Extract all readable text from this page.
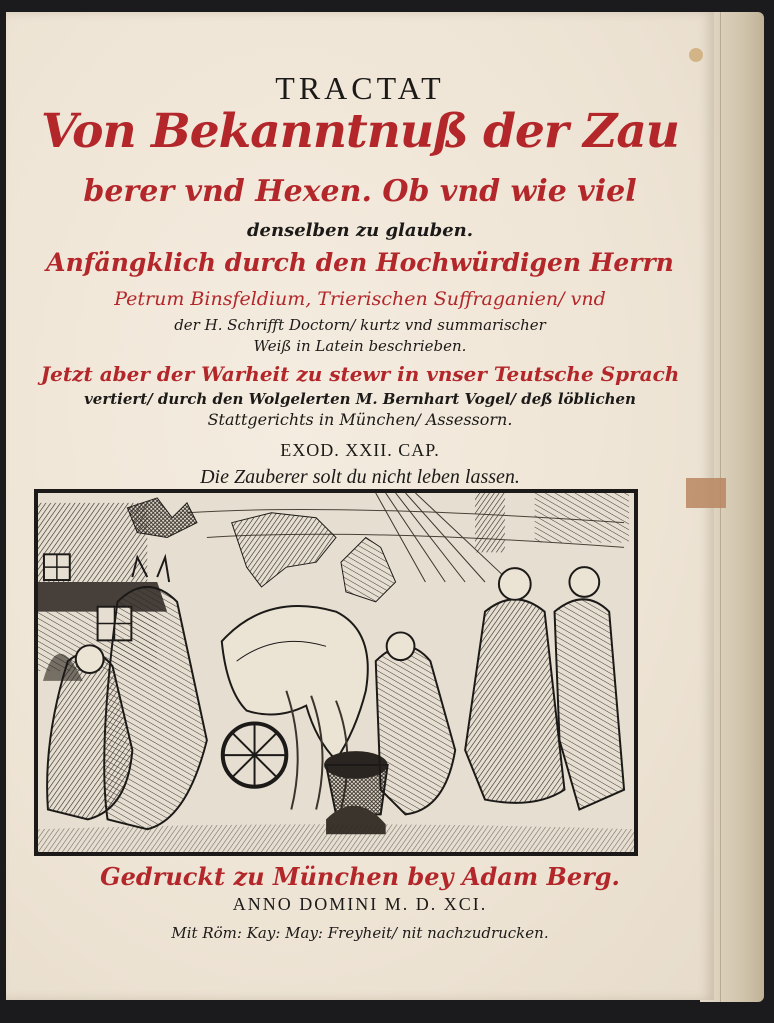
TRACTAT
Von Bekanntnuß der Zau
berer vnd Hexen. Ob vnd wie viel
denselben zu glauben.
Anfängklich durch den Hochwürdigen Herrn
Petrum Binsfeldium, Trierischen Suffraganien/ vnd
der H. Schrifft Doctorn/ kurtz vnd summarischer
Weiß in Latein beschrieben.
Jetzt aber der Warheit zu stewr in vnser Teutsche Sprach
vertiert/ durch den Wolgelerten M. Bernhart Vogel/ deß löblichen
Stattgerichts in München/ Assessorn.
EXOD. XXII. CAP.
Die Zauberer solt du nicht leben lassen.
Gedruckt zu München bey Adam Berg.
ANNO DOMINI M. D. XCI.
Mit Röm: Kay: May: Freyheit/ nit nachzudrucken.
